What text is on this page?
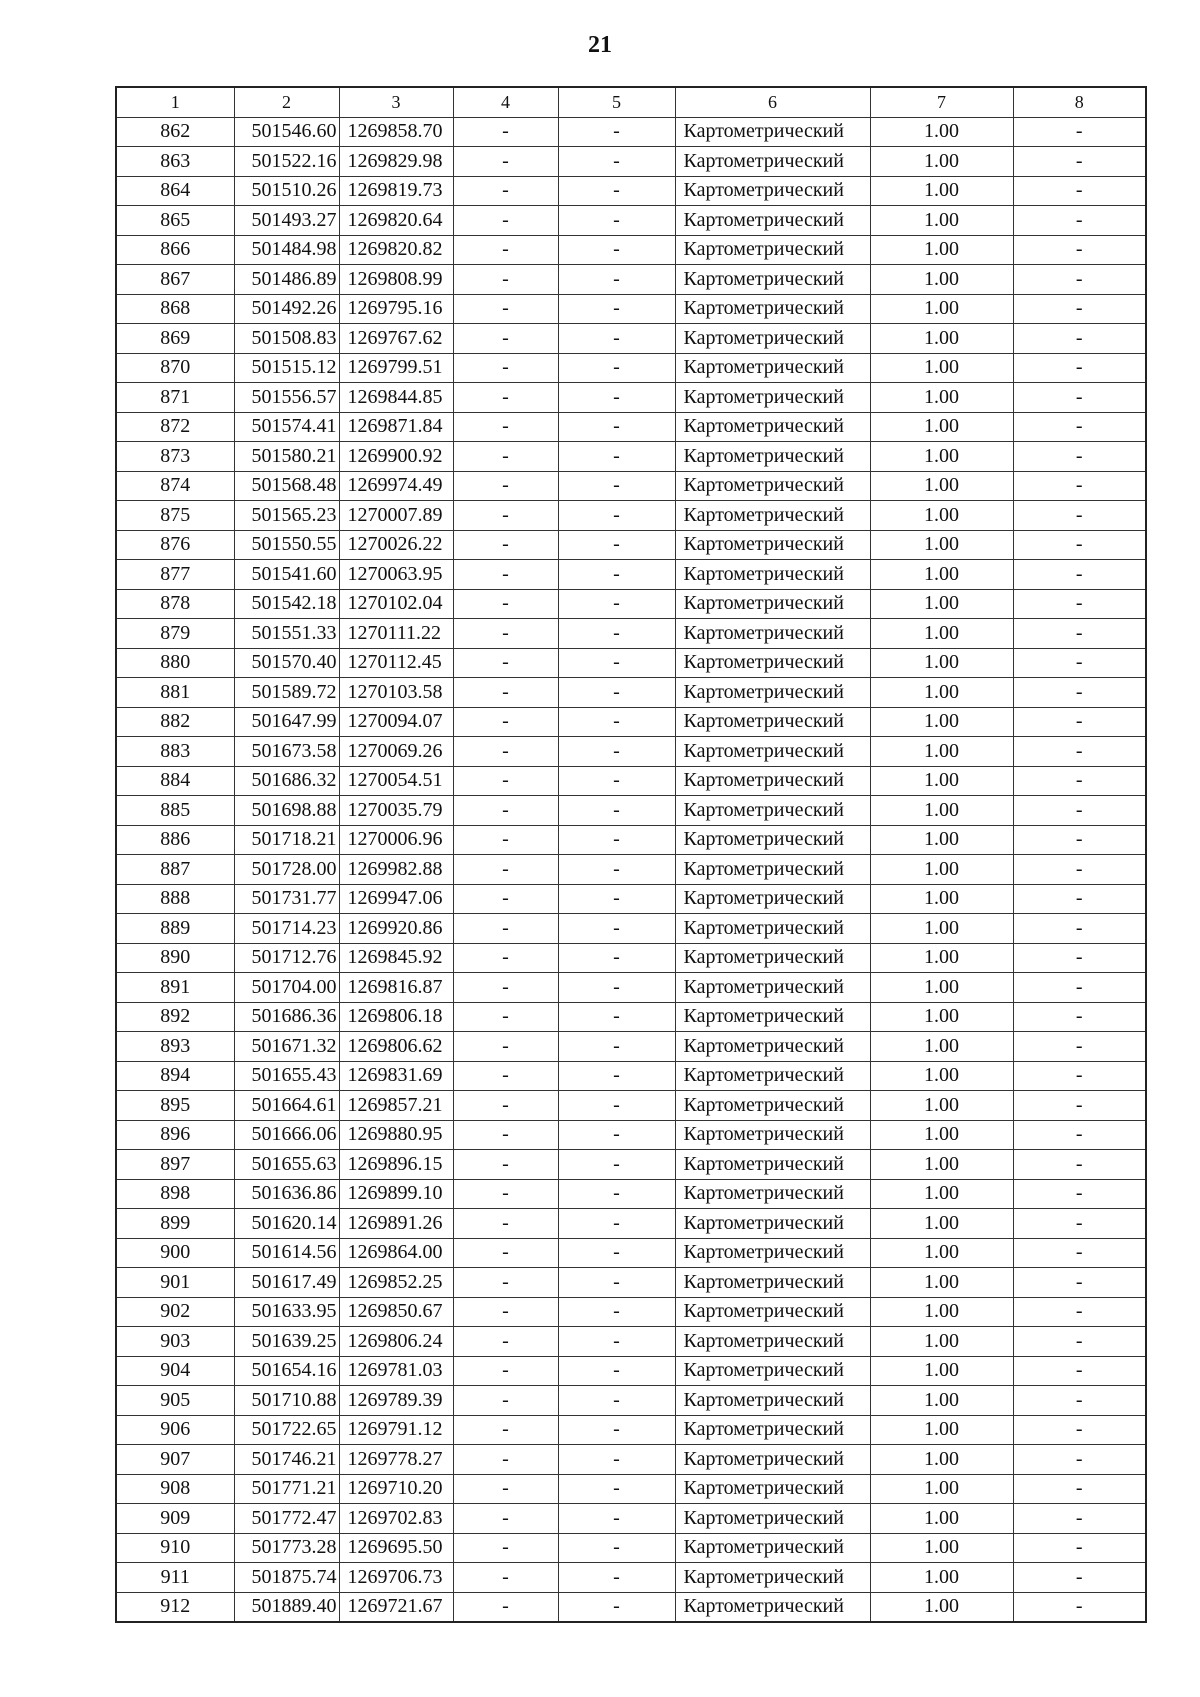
21
1	2	3	4	5	6	7	8
862	501546.60	1269858.70	-	-	Картометрический	1.00	-
863	501522.16	1269829.98	-	-	Картометрический	1.00	-
864	501510.26	1269819.73	-	-	Картометрический	1.00	-
865	501493.27	1269820.64	-	-	Картометрический	1.00	-
866	501484.98	1269820.82	-	-	Картометрический	1.00	-
867	501486.89	1269808.99	-	-	Картометрический	1.00	-
868	501492.26	1269795.16	-	-	Картометрический	1.00	-
869	501508.83	1269767.62	-	-	Картометрический	1.00	-
870	501515.12	1269799.51	-	-	Картометрический	1.00	-
871	501556.57	1269844.85	-	-	Картометрический	1.00	-
872	501574.41	1269871.84	-	-	Картометрический	1.00	-
873	501580.21	1269900.92	-	-	Картометрический	1.00	-
874	501568.48	1269974.49	-	-	Картометрический	1.00	-
875	501565.23	1270007.89	-	-	Картометрический	1.00	-
876	501550.55	1270026.22	-	-	Картометрический	1.00	-
877	501541.60	1270063.95	-	-	Картометрический	1.00	-
878	501542.18	1270102.04	-	-	Картометрический	1.00	-
879	501551.33	1270111.22	-	-	Картометрический	1.00	-
880	501570.40	1270112.45	-	-	Картометрический	1.00	-
881	501589.72	1270103.58	-	-	Картометрический	1.00	-
882	501647.99	1270094.07	-	-	Картометрический	1.00	-
883	501673.58	1270069.26	-	-	Картометрический	1.00	-
884	501686.32	1270054.51	-	-	Картометрический	1.00	-
885	501698.88	1270035.79	-	-	Картометрический	1.00	-
886	501718.21	1270006.96	-	-	Картометрический	1.00	-
887	501728.00	1269982.88	-	-	Картометрический	1.00	-
888	501731.77	1269947.06	-	-	Картометрический	1.00	-
889	501714.23	1269920.86	-	-	Картометрический	1.00	-
890	501712.76	1269845.92	-	-	Картометрический	1.00	-
891	501704.00	1269816.87	-	-	Картометрический	1.00	-
892	501686.36	1269806.18	-	-	Картометрический	1.00	-
893	501671.32	1269806.62	-	-	Картометрический	1.00	-
894	501655.43	1269831.69	-	-	Картометрический	1.00	-
895	501664.61	1269857.21	-	-	Картометрический	1.00	-
896	501666.06	1269880.95	-	-	Картометрический	1.00	-
897	501655.63	1269896.15	-	-	Картометрический	1.00	-
898	501636.86	1269899.10	-	-	Картометрический	1.00	-
899	501620.14	1269891.26	-	-	Картометрический	1.00	-
900	501614.56	1269864.00	-	-	Картометрический	1.00	-
901	501617.49	1269852.25	-	-	Картометрический	1.00	-
902	501633.95	1269850.67	-	-	Картометрический	1.00	-
903	501639.25	1269806.24	-	-	Картометрический	1.00	-
904	501654.16	1269781.03	-	-	Картометрический	1.00	-
905	501710.88	1269789.39	-	-	Картометрический	1.00	-
906	501722.65	1269791.12	-	-	Картометрический	1.00	-
907	501746.21	1269778.27	-	-	Картометрический	1.00	-
908	501771.21	1269710.20	-	-	Картометрический	1.00	-
909	501772.47	1269702.83	-	-	Картометрический	1.00	-
910	501773.28	1269695.50	-	-	Картометрический	1.00	-
911	501875.74	1269706.73	-	-	Картометрический	1.00	-
912	501889.40	1269721.67	-	-	Картометрический	1.00	-
